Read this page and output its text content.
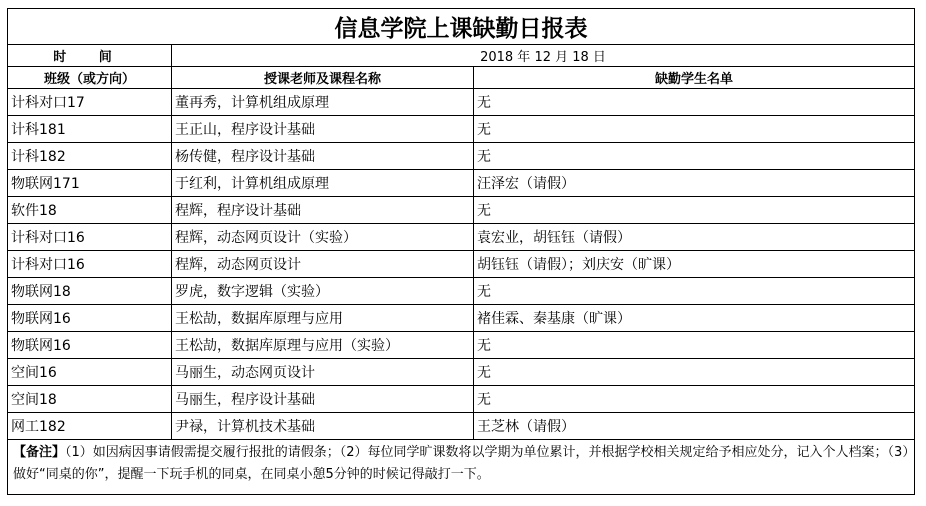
信息学院上课缺勤日报表		
时 间	2018 年 12 月 18 日	
班级（或方向）	授课老师及课程名称	缺勤学生名单
计科对口17	董再秀，计算机组成原理	无
计科181	王正山，程序设计基础	无
计科182	杨传健，程序设计基础	无
物联网171	于红利，计算机组成原理	汪泽宏（请假）
软件18	程辉，程序设计基础	无
计科对口16	程辉，动态网页设计（实验）	袁宏业，胡钰钰（请假）
计科对口16	程辉，动态网页设计	胡钰钰（请假）；刘庆安（旷课）
物联网18	罗虎，数字逻辑（实验）	无
物联网16	王松劼，数据库原理与应用	褚佳霖、秦基康（旷课）
物联网16	王松劼，数据库原理与应用（实验）	无
空间16	马丽生，动态网页设计	无
空间18	马丽生，程序设计基础	无
网工182	尹禄，计算机技术基础	王芝林（请假）
【备注】（1）如因病因事请假需提交履行报批的请假条；（2）每位同学旷课数将以学期为单位累计，并根据学校相关规定给予相应处分，记入个人档案；（3）做好“同桌的你”，提醒一下玩手机的同桌，在同桌小憩5分钟的时候记得敲打一下。		
